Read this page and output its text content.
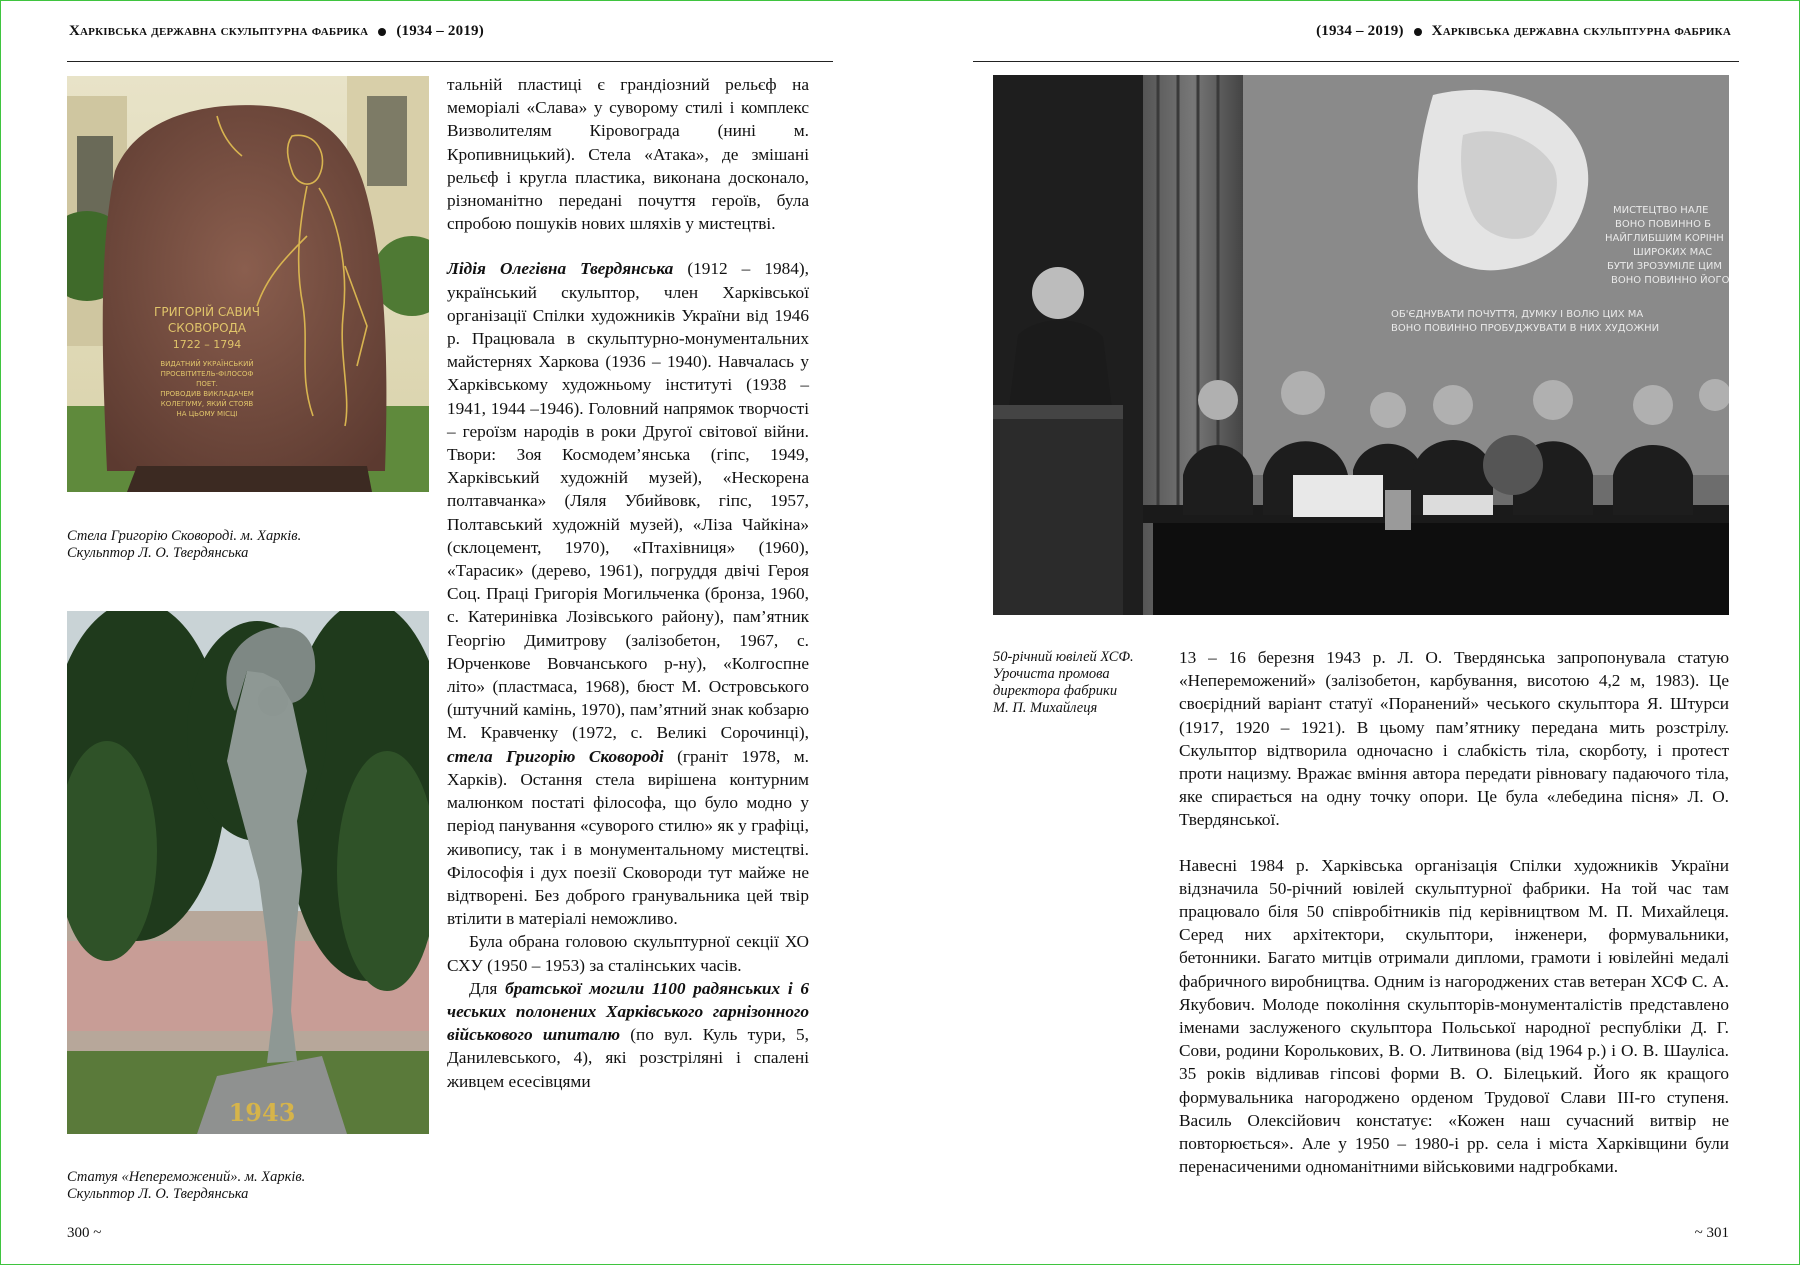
Харківська державна скульптурна фабрика (1934 – 2019)
ГРИГОРІЙ САВИЧ
СКОВОРОДА
1722 – 1794
ВИДАТНИЙ УКРАЇНСЬКИЙ
ПРОСВІТИТЕЛЬ-ФІЛОСОФ
ПОЕТ.
ПРОВОДИВ ВИКЛАДАЧЕМ
КОЛЕГІУМУ, ЯКИЙ СТОЯВ
НА ЦЬОМУ МІСЦІ
Стела Григорію Сковороді. м. Харків.
Скульптор Л. О. Твердянська
1943
Статуя «Непереможений». м. Харків.
Скульптор Л. О. Твердянська

тальній пластиці є грандіозний рельєф на меморіалі «Слава» у суворому стилі і комплекс Визволителям Кіровограда (нині м. Кропивницький). Стела «Атака», де змішані рельєф і кругла пластика, виконана досконало, різноманітно передані почуття героїв, була спробою пошуків нових шляхів у мистецтві.

Лідія Олегівна Твердянська (1912 – 1984), український скульптор, член Харківської організації Спілки художників України від 1946 р. Працювала в скульптурно-монументальних майстернях Харкова (1936 – 1940). Навчалась у Харківському художньому інституті (1938 – 1941, 1944 –1946). Головний напрямок творчості – героїзм народів в роки Другої світової війни. Твори: Зоя Космодем’янська (гіпс, 1949, Харківський художній музей), «Нескорена полтавчанка» (Ляля Убийвовк, гіпс, 1957, Полтавський художній музей), «Ліза Чайкіна» (склоцемент, 1970), «Птахівниця» (1960), «Тарасик» (дерево, 1961), погруддя двічі Героя Соц. Праці Григорія Могильченка (бронза, 1960, с. Катеринівка Лозівського району), пам’ятник Георгію Димитрову (залізобетон, 1967, с. Юрченкове Вовчанського р-ну), «Колгоспне літо» (пластмаса, 1968), бюст М. Островського (штучний камінь, 1970), пам’ятний знак кобзарю М. Кравченку (1972, с. Великі Сорочинці), стела Григорію Сковороді (граніт 1978, м. Харків). Остання стела вирішена контурним малюнком постаті філософа, що було модно у період панування «суворого стилю» як у графіці, живопису, так і в монументальному мистецтві. Філософія і дух поезії Сковороди тут майже не відтворені. Без доброго гранувальника цей твір втілити в матеріалі неможливо.

Була обрана головою скульптурної секції ХО СХУ (1950 – 1953) за сталінських часів.

Для братської могили 1100 радянських і 6 чеських полонених Харківського гарнізонного військового шпиталю (по вул. Куль тури, 5, Данилевського, 4), які розстріляні і спалені живцем есесівцями

300 ~
(1934 – 2019) Харківська державна скульптурна фабрика
МИСТЕЦТВО НАЛЕ
ВОНО ПОВИННО Б
НАЙГЛИБШИМ КОРІНН
ШИРОКИХ МАС
БУТИ ЗРОЗУМІЛЕ ЦИМ
ВОНО ПОВИННО ЙОГО
ОБ'ЄДНУВАТИ ПОЧУТТЯ, ДУМКУ І ВОЛЮ ЦИХ МА
ВОНО ПОВИННО ПРОБУДЖУВАТИ В НИХ ХУДОЖНИ
50-річний ювілей ХСФ.
Урочиста промова
директора фабрики
М. П. Михайлеця

13 – 16 березня 1943 р. Л. О. Твердянська запропонувала статую «Непереможений» (залізобетон, карбування, висотою 4,2 м, 1983). Це своєрідний варіант статуї «Поранений» чеського скульптора Я. Штурси (1917, 1920 – 1921). В цьому пам’ятнику передана мить розстрілу. Скульптор відтворила одночасно і слабкість тіла, скорботу, і протест проти нацизму. Вражає вміння автора передати рівновагу падаючого тіла, яке спирається на одну точку опори. Це була «лебедина пісня» Л. О. Твердянської.

Навесні 1984 р. Харківська організація Спілки художників України відзначила 50-річний ювілей скульптурної фабрики. На той час там працювало біля 50 співробітників під керівництвом М. П. Михайлеця. Серед них архітектори, скульптори, інженери, формувальники, бетонники. Багато митців отримали дипломи, грамоти і ювілейні медалі фабричного виробництва. Одним із нагороджених став ветеран ХСФ С. А. Якубович. Молоде покоління скульпторів-монументалістів представлено іменами заслуженого скульптора Польської народної республіки Д. Г. Сови, родини Королькових, В. О. Литвинова (від 1964 р.) і О. В. Шауліса. 35 років відливав гіпсові форми В. О. Білецький. Його як кращого формувальника нагороджено орденом Трудової Слави ІІІ-го ступеня. Василь Олексійович констатує: «Кожен наш сучасний витвір не повторюється». Але у 1950 – 1980-і рр. села і міста Харківщини були перенасиченими одноманітними військовими надгробками.

~ 301
